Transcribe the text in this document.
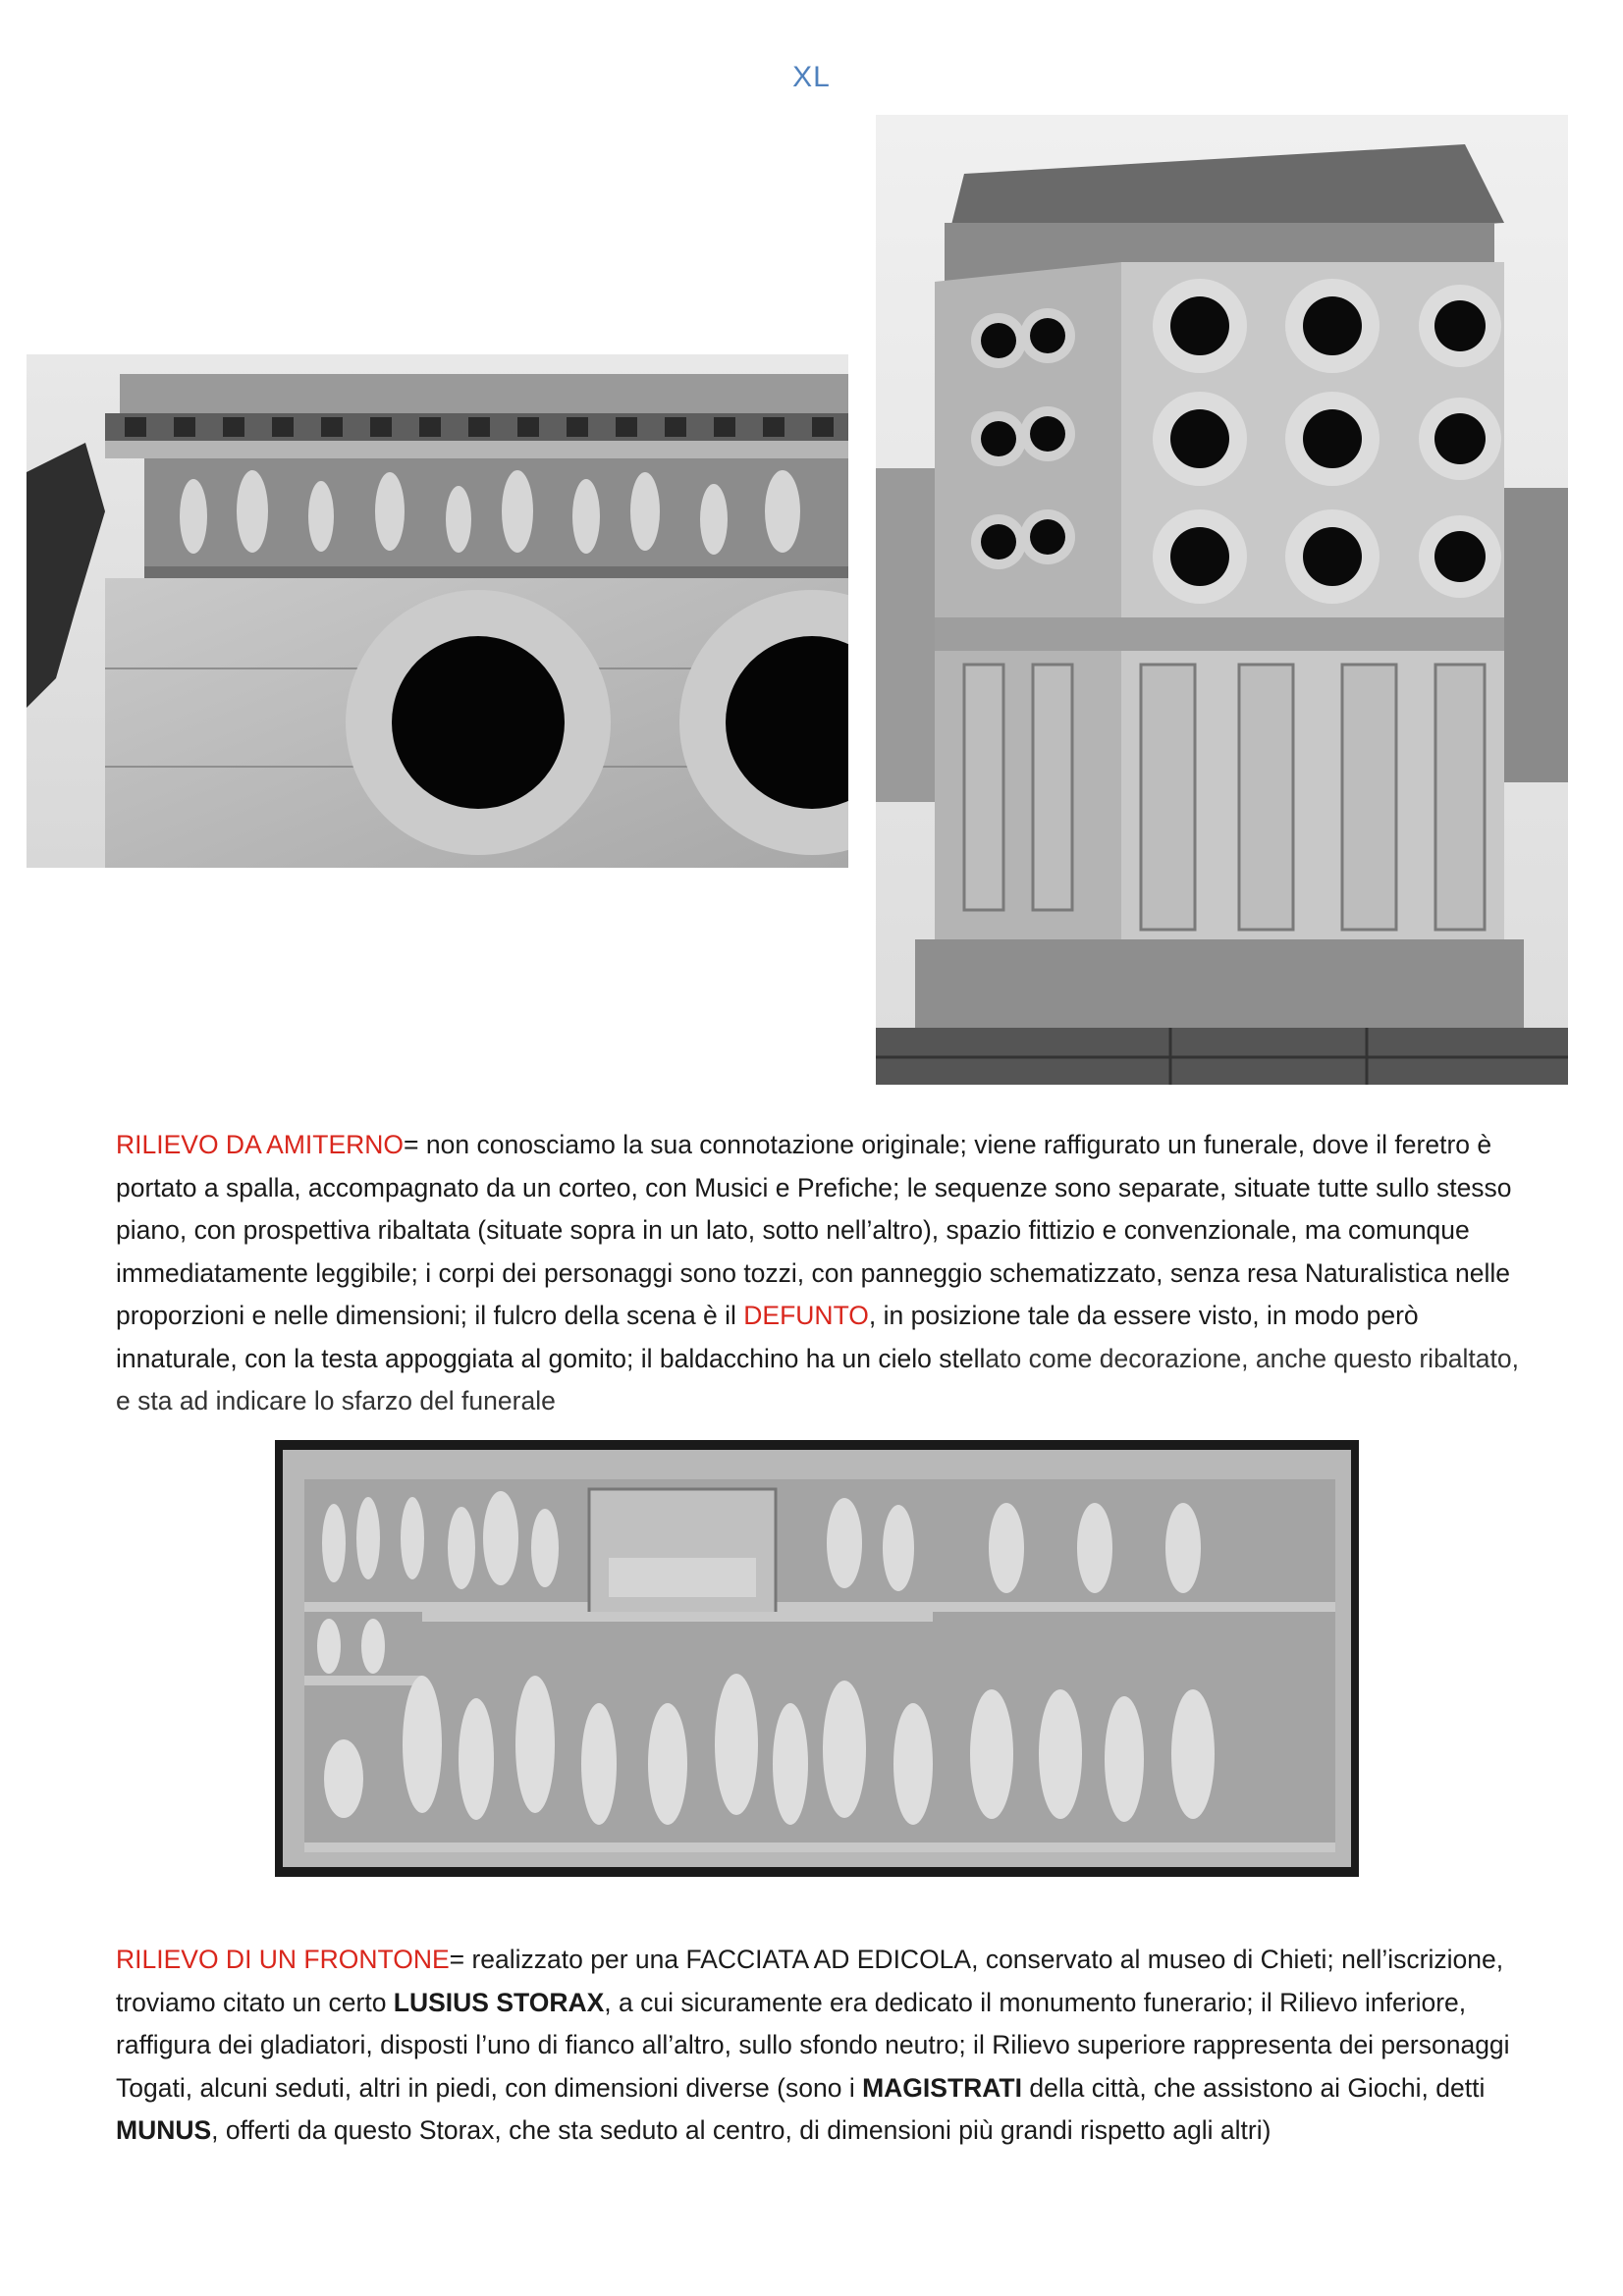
XL
RILIEVO DA AMITERNO= non conosciamo la sua connotazione originale; viene raffigurato un funerale, dove il feretro è portato a spalla, accompagnato da un corteo, con Musici e Prefiche; le sequenze sono separate, situate tutte sullo stesso piano, con prospettiva ribaltata (situate sopra in un lato, sotto nell’altro), spazio fittizio e convenzionale, ma comunque immediatamente leggibile; i corpi dei personaggi sono tozzi, con panneggio schematizzato, senza resa Naturalistica nelle proporzioni e nelle dimensioni; il fulcro della scena è il DEFUNTO, in posizione tale da essere visto, in modo però innaturale, con la testa appoggiata al gomito; il baldacchino ha un cielo stellato come decorazione, anche questo ribaltato, e sta ad indicare lo sfarzo del funerale
RILIEVO DI UN FRONTONE= realizzato per una FACCIATA AD EDICOLA, conservato al museo di Chieti; nell’iscrizione, troviamo citato un certo LUSIUS STORAX, a cui sicuramente era dedicato il monumento funerario; il Rilievo inferiore, raffigura dei gladiatori, disposti l’uno di fianco all’altro, sullo sfondo neutro; il Rilievo superiore rappresenta dei personaggi Togati, alcuni seduti, altri in piedi, con dimensioni diverse (sono i MAGISTRATI della città, che assistono ai Giochi, detti MUNUS, offerti da questo Storax, che sta seduto al centro, di dimensioni più grandi rispetto agli altri)
